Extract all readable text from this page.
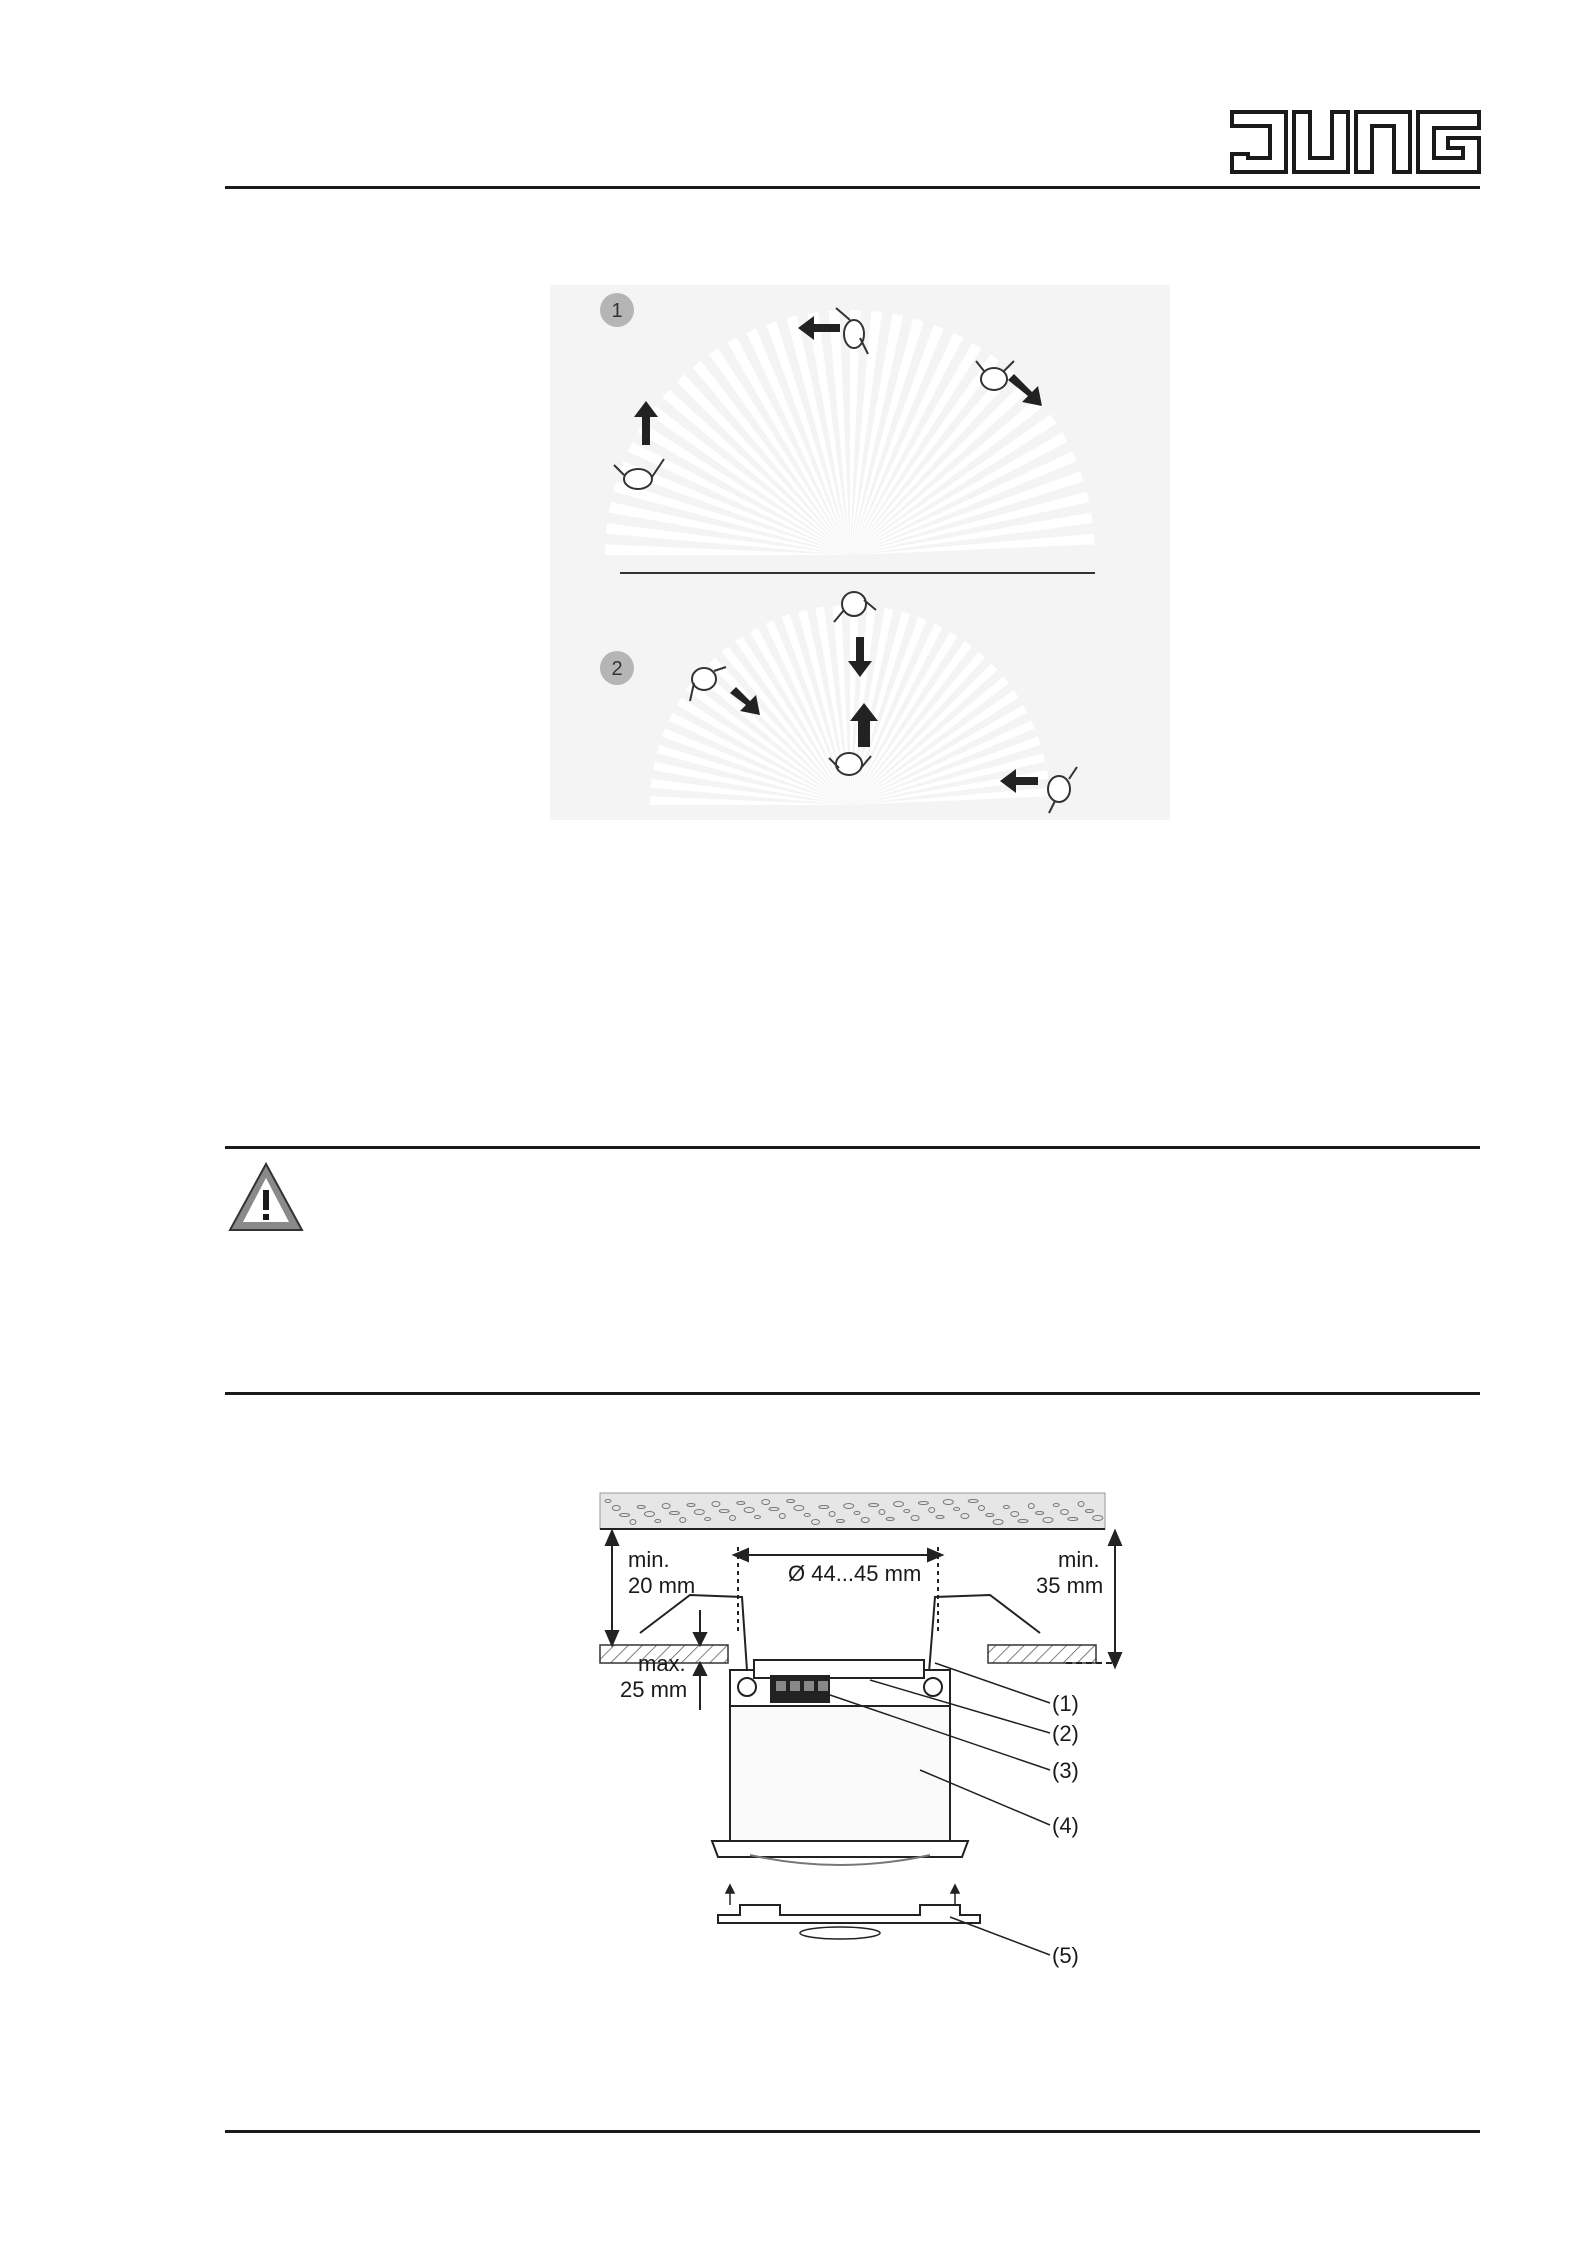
1
2
min.
20 mm	Ø 44...45 mm
min.
35 mm
max.
25 mm
(1)
(2)
(3)
(4)
(5)
